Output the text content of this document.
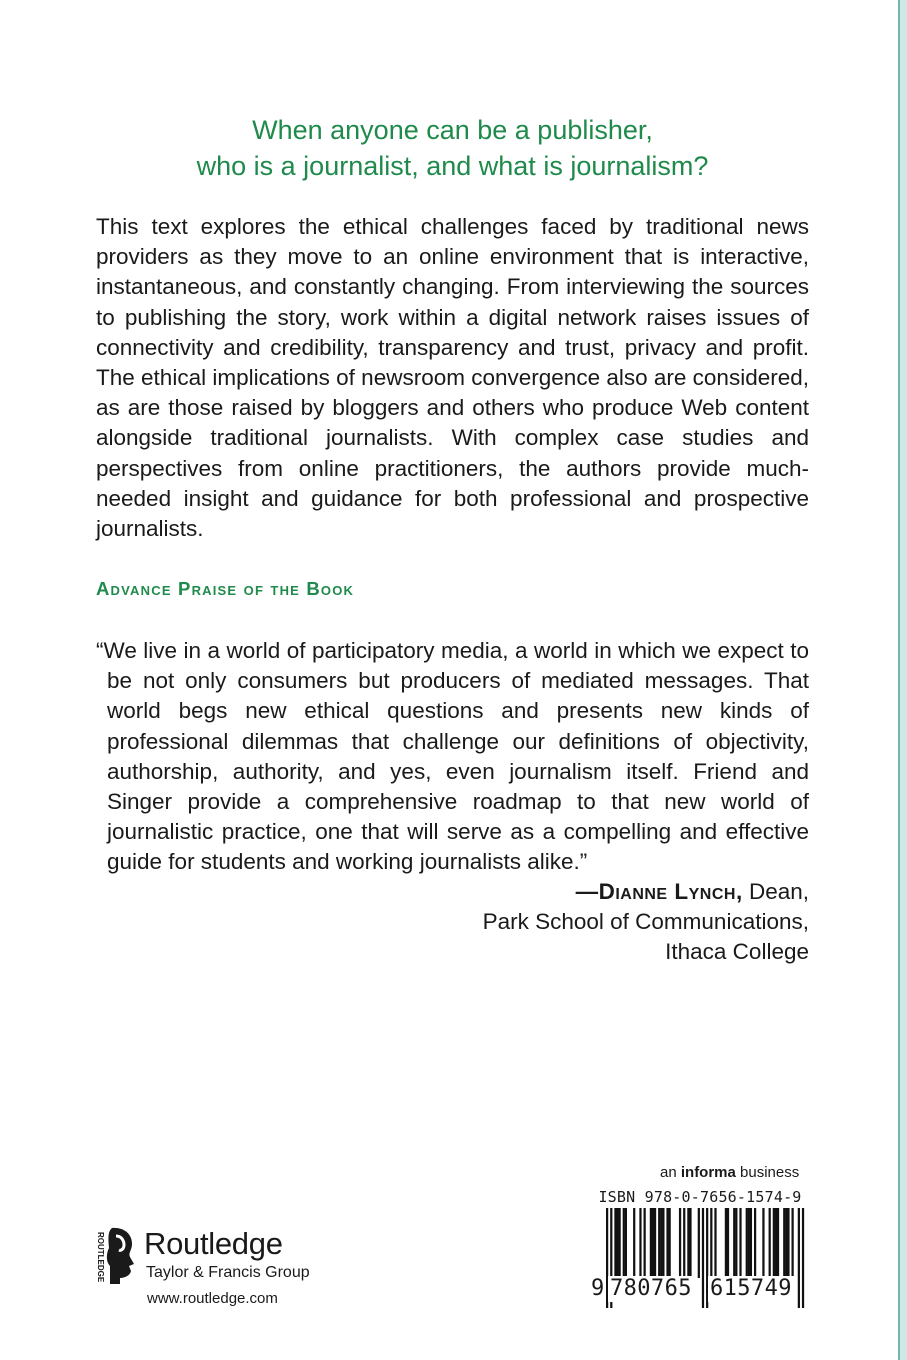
When anyone can be a publisher,
who is a journalist, and what is journalism?

This text explores the ethical challenges faced by traditional news providers as they move to an online environment that is interactive, instantaneous, and constantly changing. From interviewing the sources to publishing the story, work within a digital network raises issues of connectivity and credibility, transparency and trust, privacy and profit. The ethical implications of newsroom convergence also are considered, as are those raised by bloggers and others who produce Web content alongside traditional journalists. With complex case studies and perspectives from online practitioners, the authors provide much-needed insight and guidance for both professional and prospective journalists.

Advance Praise of the Book

“We live in a world of participatory media, a world in which we expect to be not only consumers but producers of mediated messages. That world begs new ethical questions and presents new kinds of professional dilemmas that challenge our definitions of objectivity, authorship, authority, and yes, even journalism itself. Friend and Singer provide a comprehensive roadmap to that new world of journalistic practice, one that will serve as a compelling and effective guide for students and working journalists alike.”

—Dianne Lynch, Dean,
Park School of Communications,
Ithaca College
ROUTLEDGE Routledge
Taylor & Francis Group
www.routledge.com
an informa business
ISBN 978-0-7656-1574-9
9 780765 615749
